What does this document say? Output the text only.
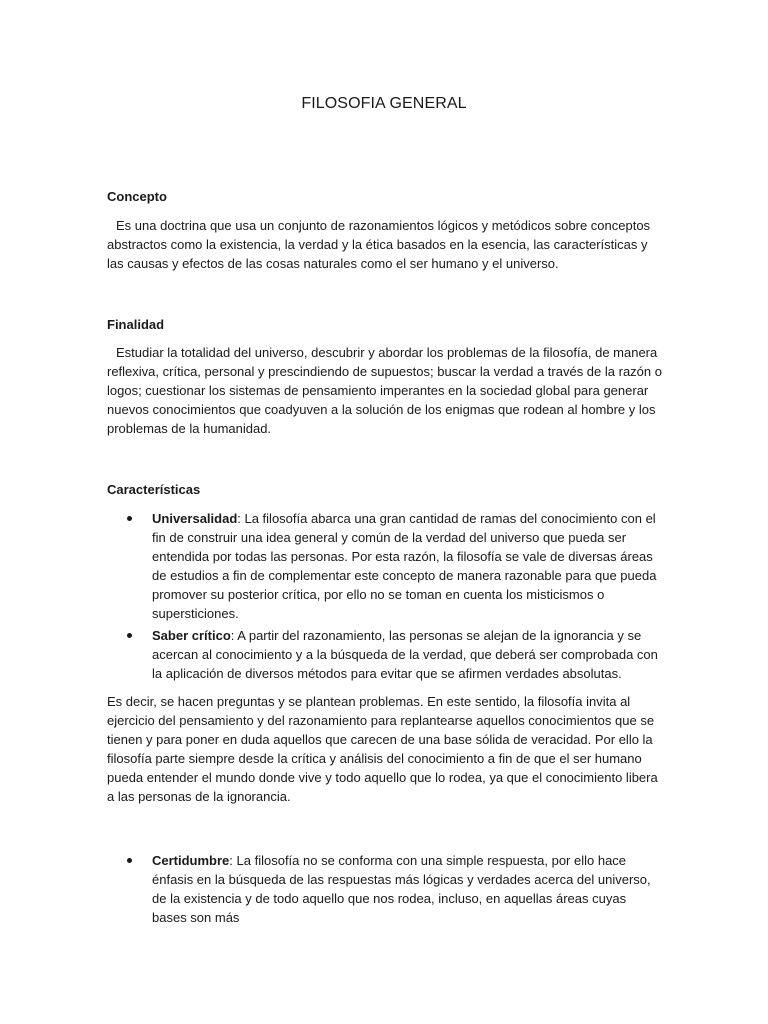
FILOSOFIA GENERAL
Concepto

Es una doctrina que usa un conjunto de razonamientos lógicos y metódicos sobre conceptos abstractos como la existencia, la verdad y la ética basados en la esencia, las características y las causas y efectos de las cosas naturales como el ser humano y el universo.

Finalidad

Estudiar la totalidad del universo, descubrir y abordar los problemas de la filosofía, de manera reflexiva, crítica, personal y prescindiendo de supuestos; buscar la verdad a través de la razón o logos; cuestionar los sistemas de pensamiento imperantes en la sociedad global para generar nuevos conocimientos que coadyuven a la solución de los enigmas que rodean al hombre y los problemas de la humanidad.

Características
Universalidad: La filosofía abarca una gran cantidad de ramas del conocimiento con el fin de construir una idea general y común de la verdad del universo que pueda ser entendida por todas las personas. Por esta razón, la filosofía se vale de diversas áreas de estudios a fin de complementar este concepto de manera razonable para que pueda promover su posterior crítica, por ello no se toman en cuenta los misticismos o supersticiones.
Saber crítico: A partir del razonamiento, las personas se alejan de la ignorancia y se acercan al conocimiento y a la búsqueda de la verdad, que deberá ser comprobada con la aplicación de diversos métodos para evitar que se afirmen verdades absolutas.

Es decir, se hacen preguntas y se plantean problemas. En este sentido, la filosofía invita al ejercicio del pensamiento y del razonamiento para replantearse aquellos conocimientos que se tienen y para poner en duda aquellos que carecen de una base sólida de veracidad. Por ello la filosofía parte siempre desde la crítica y análisis del conocimiento a fin de que el ser humano pueda entender el mundo donde vive y todo aquello que lo rodea, ya que el conocimiento libera a las personas de la ignorancia.

Certidumbre: La filosofía no se conforma con una simple respuesta, por ello hace énfasis en la búsqueda de las respuestas más lógicas y verdades acerca del universo, de la existencia y de todo aquello que nos rodea, incluso, en aquellas áreas cuyas bases son más
